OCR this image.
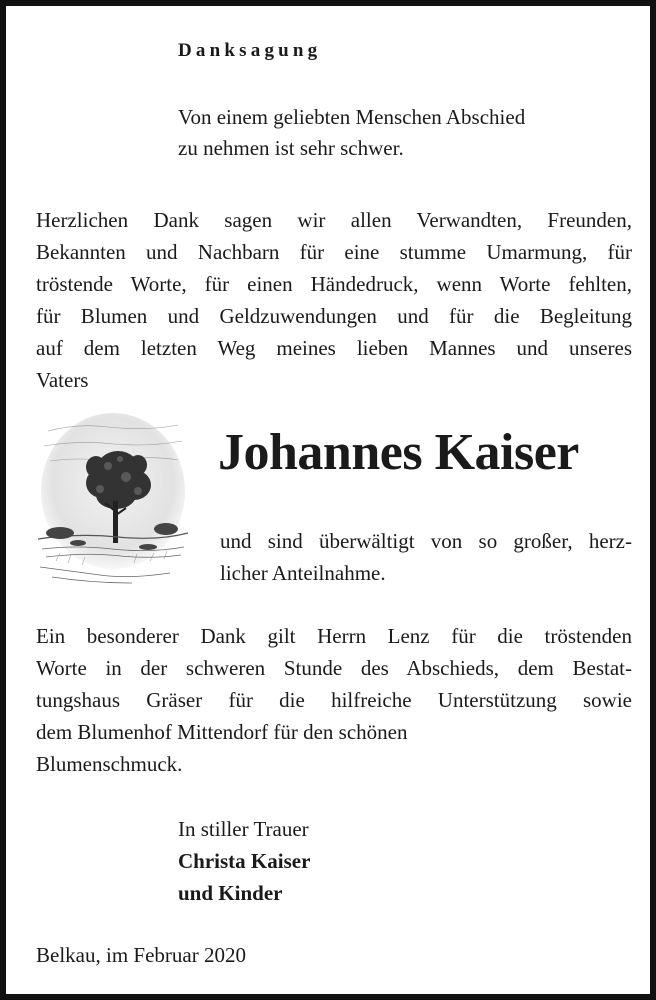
Danksagung

Von einem geliebten Menschen Abschied
zu nehmen ist sehr schwer.
Herzlichen Dank sagen wir allen Verwandten, Freunden,
Bekannten und Nachbarn für eine stumme Umarmung, für
tröstende Worte, für einen Händedruck, wenn Worte fehlten,
für Blumen und Geldzuwendungen und für die Begleitung
auf dem letzten Weg meines lieben Mannes und unseres
Vaters

Johannes Kaiser

und sind überwältigt von so großer, herz-
licher Anteilnahme.
Ein besonderer Dank gilt Herrn Lenz für die tröstenden
Worte in der schweren Stunde des Abschieds, dem Bestat-
tungshaus Gräser für die hilfreiche Unterstützung sowie
dem Blumenhof Mittendorf für den schönen
Blumenschmuck.
In stiller Trauer
Christa Kaiser
und Kinder

Belkau, im Februar 2020
